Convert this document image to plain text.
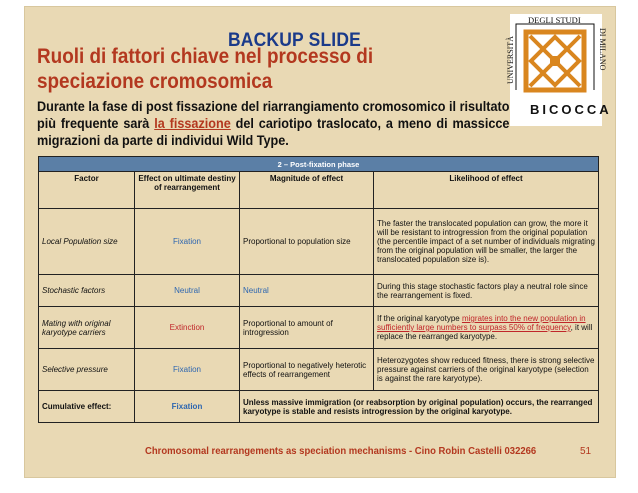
BACKUP SLIDE
Ruoli di fattori chiave nel processo di speciazione cromosomica
Durante la fase di post fissazione del riarrangiamento cromosomico il risultato più frequente sarà la fissazione del cariotipo traslocato, a meno di massicce migrazioni da parte di individui Wild Type.
DEGLI STUDI
UNIVERSITÀ	DI MILANO
BICOCCA
2 – Post-fixation phase			
Factor	Effect on ultimate destiny of rearrangement	Magnitude of effect	Likelihood of effect
Local Population size	Fixation	Proportional to population size	The faster the translocated population can grow, the more it will be resistant to introgression from the original population (the percentile impact of a set number of individuals migrating from the original population will be smaller, the larger the translocated population size is).
Stochastic factors	Neutral	Neutral	During this stage stochastic factors play a neutral role since the rearrangement is fixed.
Mating with original karyotype carriers	Extinction	Proportional to amount of introgression	If the original karyotype migrates into the new population in sufficiently large numbers to surpass 50% of frequency, it will replace the rearranged karyotype.
Selective pressure	Fixation	Proportional to negatively heterotic effects of rearrangement	Heterozygotes show reduced fitness, there is strong selective pressure against carriers of the original karyotype (selection is against the rare karyotype).
Cumulative effect:	Fixation	Unless massive immigration (or reabsorption by original population) occurs, the rearranged karyotype is stable and resists introgression by the original karyotype.	
Chromosomal rearrangements as speciation mechanisms - Cino Robin Castelli 032266	51
